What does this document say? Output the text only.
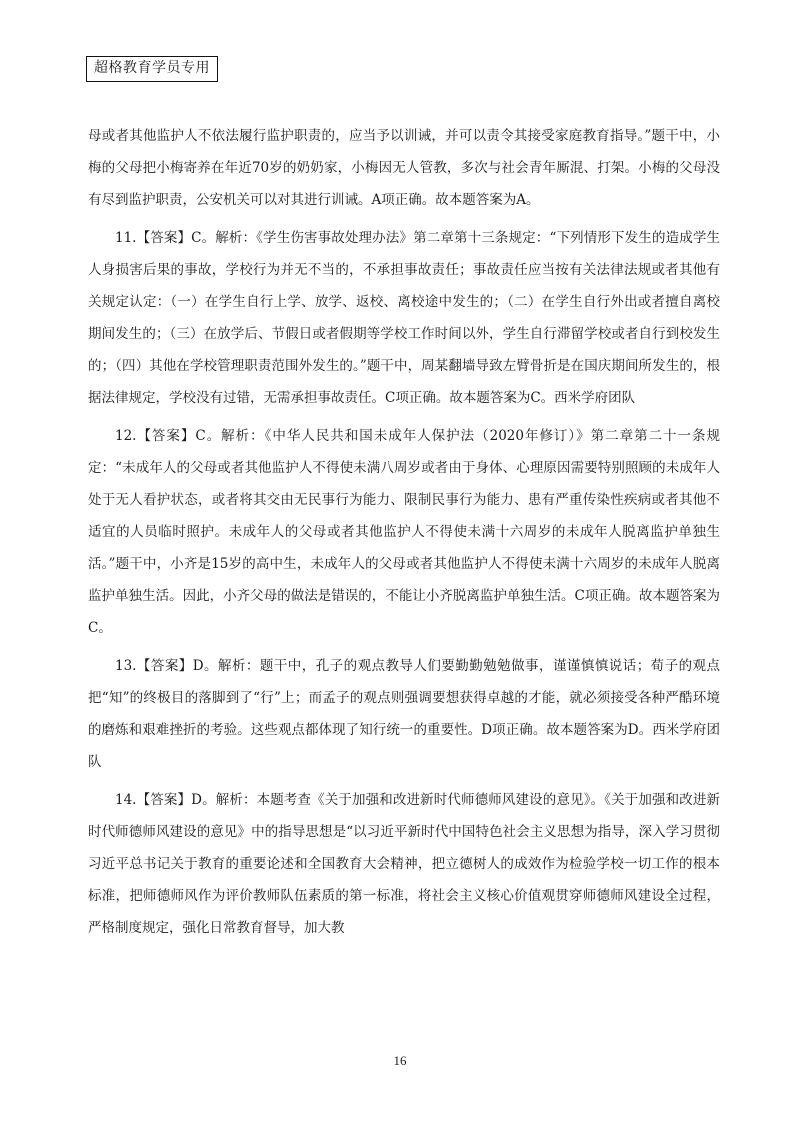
超格教育学员专用

母或者其他监护人不依法履行监护职责的，应当予以训诫，并可以责令其接受家庭教育指导。”题干中，小梅的父母把小梅寄养在年近70岁的奶奶家，小梅因无人管教，多次与社会青年厮混、打架。小梅的父母没有尽到监护职责，公安机关可以对其进行训诫。A项正确。故本题答案为A。

11.【答案】C。解析：《学生伤害事故处理办法》第二章第十三条规定：“下列情形下发生的造成学生人身损害后果的事故，学校行为并无不当的，不承担事故责任；事故责任应当按有关法律法规或者其他有关规定认定：（一）在学生自行上学、放学、返校、离校途中发生的；（二）在学生自行外出或者擅自离校期间发生的；（三）在放学后、节假日或者假期等学校工作时间以外，学生自行滞留学校或者自行到校发生的；（四）其他在学校管理职责范围外发生的。”题干中，周某翻墙导致左臂骨折是在国庆期间所发生的，根据法律规定，学校没有过错，无需承担事故责任。C项正确。故本题答案为C。西米学府团队

12.【答案】C。解析：《中华人民共和国未成年人保护法（2020年修订）》第二章第二十一条规定：“未成年人的父母或者其他监护人不得使未满八周岁或者由于身体、心理原因需要特别照顾的未成年人处于无人看护状态，或者将其交由无民事行为能力、限制民事行为能力、患有严重传染性疾病或者其他不适宜的人员临时照护。未成年人的父母或者其他监护人不得使未满十六周岁的未成年人脱离监护单独生活。”题干中，小齐是15岁的高中生，未成年人的父母或者其他监护人不得使未满十六周岁的未成年人脱离监护单独生活。因此，小齐父母的做法是错误的，不能让小齐脱离监护单独生活。C项正确。故本题答案为C。

13.【答案】D。解析：题干中，孔子的观点教导人们要勤勤勉勉做事，谨谨慎慎说话；荀子的观点把“知”的终极目的落脚到了“行”上；而孟子的观点则强调要想获得卓越的才能，就必须接受各种严酷环境的磨炼和艰难挫折的考验。这些观点都体现了知行统一的重要性。D项正确。故本题答案为D。西米学府团队

14.【答案】D。解析：本题考查《关于加强和改进新时代师德师风建设的意见》。《关于加强和改进新时代师德师风建设的意见》中的指导思想是“以习近平新时代中国特色社会主义思想为指导，深入学习贯彻习近平总书记关于教育的重要论述和全国教育大会精神，把立德树人的成效作为检验学校一切工作的根本标准，把师德师风作为评价教师队伍素质的第一标准，将社会主义核心价值观贯穿师德师风建设全过程，严格制度规定，强化日常教育督导，加大教

16
